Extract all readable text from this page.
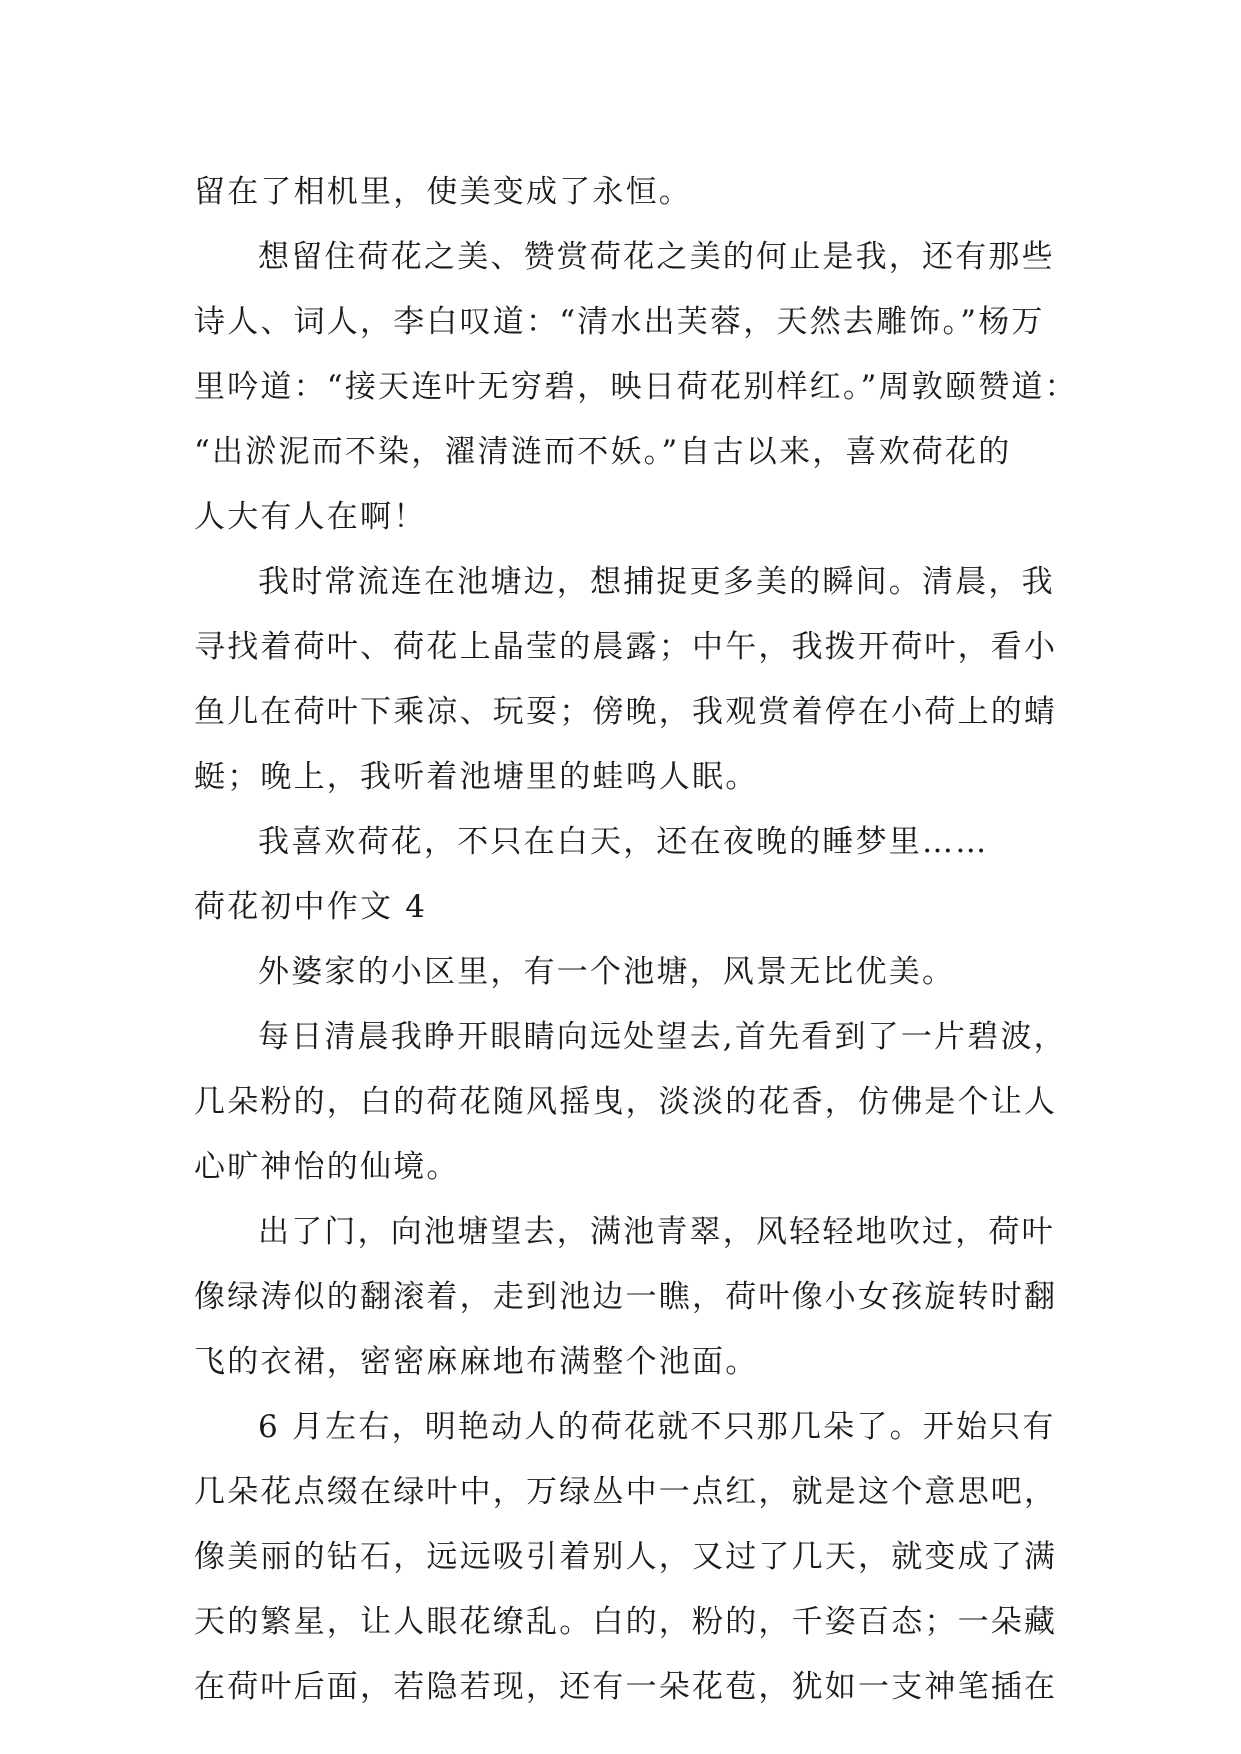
留在了相机里，使美变成了永恒。
想留住荷花之美、赞赏荷花之美的何止是我，还有那些
诗人、词人，李白叹道：“清水出芙蓉，天然去雕饰。”杨万
里吟道：“接天连叶无穷碧，映日荷花别样红。”周敦颐赞道：
“出淤泥而不染，濯清涟而不妖。”自古以来，喜欢荷花的
人大有人在啊！
我时常流连在池塘边，想捕捉更多美的瞬间。清晨，我
寻找着荷叶、荷花上晶莹的晨露；中午，我拨开荷叶，看小
鱼儿在荷叶下乘凉、玩耍；傍晚，我观赏着停在小荷上的蜻
蜓；晚上，我听着池塘里的蛙鸣人眠。
我喜欢荷花，不只在白天，还在夜晚的睡梦里……
荷花初中作文 4
外婆家的小区里，有一个池塘，风景无比优美。
每日清晨我睁开眼睛向远处望去,首先看到了一片碧波，
几朵粉的，白的荷花随风摇曳，淡淡的花香，仿佛是个让人
心旷神怡的仙境。
出了门，向池塘望去，满池青翠，风轻轻地吹过，荷叶
像绿涛似的翻滚着，走到池边一瞧，荷叶像小女孩旋转时翻
飞的衣裙，密密麻麻地布满整个池面。
6 月左右，明艳动人的荷花就不只那几朵了。开始只有
几朵花点缀在绿叶中，万绿丛中一点红，就是这个意思吧，
像美丽的钻石，远远吸引着别人，又过了几天，就变成了满
天的繁星，让人眼花缭乱。白的，粉的，千姿百态；一朵藏
在荷叶后面，若隐若现，还有一朵花苞，犹如一支神笔插在
